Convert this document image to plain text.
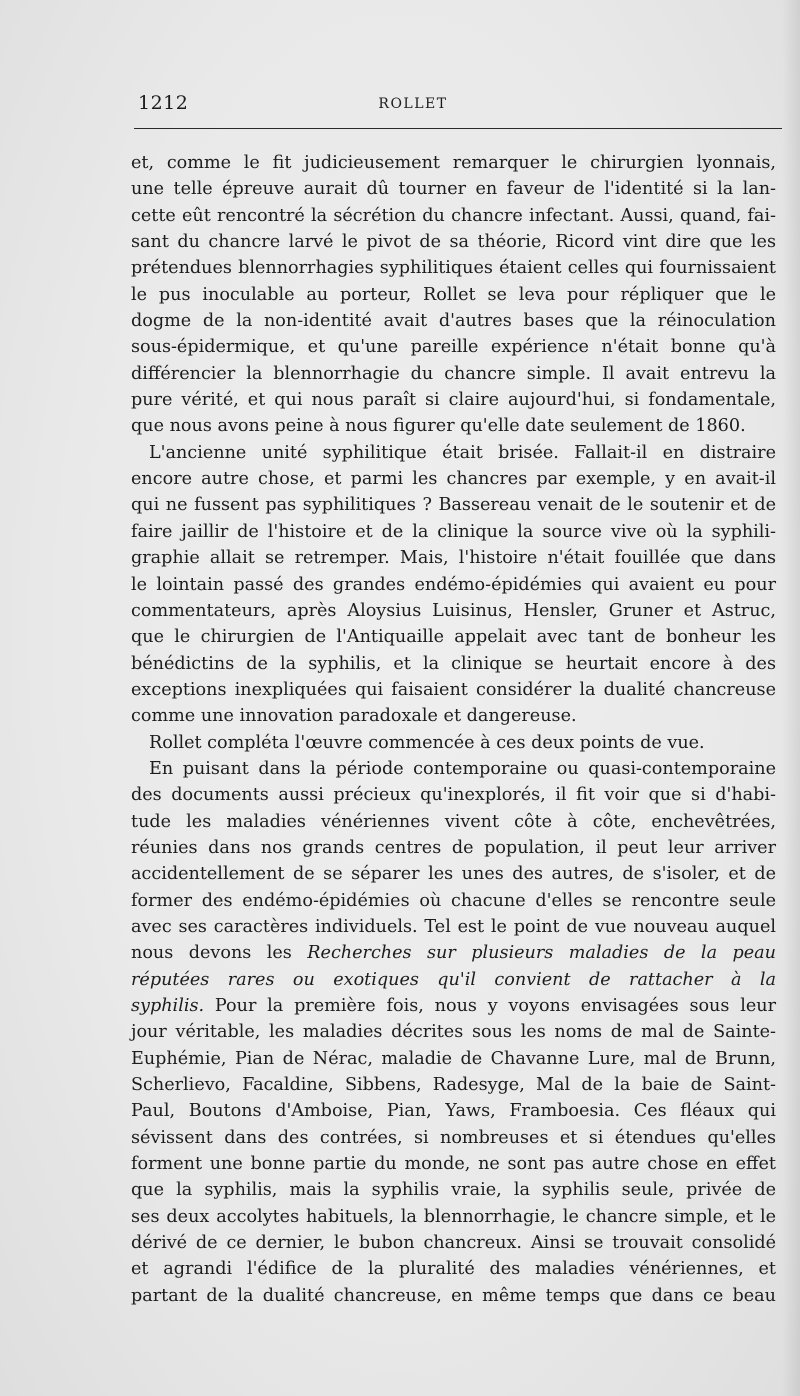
1212	ROLLET
et, comme le fit judicieusement remarquer le chirurgien lyonnais,
une telle épreuve aurait dû tourner en faveur de l'identité si la lan-
cette eût rencontré la sécrétion du chancre infectant. Aussi, quand, fai-
sant du chancre larvé le pivot de sa théorie, Ricord vint dire que les
prétendues blennorrhagies syphilitiques étaient celles qui fournissaient
le pus inoculable au porteur, Rollet se leva pour répliquer que le
dogme de la non-identité avait d'autres bases que la réinoculation
sous-épidermique, et qu'une pareille expérience n'était bonne qu'à
différencier la blennorrhagie du chancre simple. Il avait entrevu la
pure vérité, et qui nous paraît si claire aujourd'hui, si fondamentale,
que nous avons peine à nous figurer qu'elle date seulement de 1860.
L'ancienne unité syphilitique était brisée. Fallait-il en distraire
encore autre chose, et parmi les chancres par exemple, y en avait-il
qui ne fussent pas syphilitiques ? Bassereau venait de le soutenir et de
faire jaillir de l'histoire et de la clinique la source vive où la syphili-
graphie allait se retremper. Mais, l'histoire n'était fouillée que dans
le lointain passé des grandes endémo-épidémies qui avaient eu pour
commentateurs, après Aloysius Luisinus, Hensler, Gruner et Astruc,
que le chirurgien de l'Antiquaille appelait avec tant de bonheur les
bénédictins de la syphilis, et la clinique se heurtait encore à des
exceptions inexpliquées qui faisaient considérer la dualité chancreuse
comme une innovation paradoxale et dangereuse.
Rollet compléta l'œuvre commencée à ces deux points de vue.
En puisant dans la période contemporaine ou quasi-contemporaine
des documents aussi précieux qu'inexplorés, il fit voir que si d'habi-
tude les maladies vénériennes vivent côte à côte, enchevêtrées,
réunies dans nos grands centres de population, il peut leur arriver
accidentellement de se séparer les unes des autres, de s'isoler, et de
former des endémo-épidémies où chacune d'elles se rencontre seule
avec ses caractères individuels. Tel est le point de vue nouveau auquel
nous devons les Recherches sur plusieurs maladies de la peau
réputées rares ou exotiques qu'il convient de rattacher à la
syphilis. Pour la première fois, nous y voyons envisagées sous leur
jour véritable, les maladies décrites sous les noms de mal de Sainte-
Euphémie, Pian de Nérac, maladie de Chavanne Lure, mal de Brunn,
Scherlievo, Facaldine, Sibbens, Radesyge, Mal de la baie de Saint-
Paul, Boutons d'Amboise, Pian, Yaws, Framboesia. Ces fléaux qui
sévissent dans des contrées, si nombreuses et si étendues qu'elles
forment une bonne partie du monde, ne sont pas autre chose en effet
que la syphilis, mais la syphilis vraie, la syphilis seule, privée de
ses deux accolytes habituels, la blennorrhagie, le chancre simple, et le
dérivé de ce dernier, le bubon chancreux. Ainsi se trouvait consolidé
et agrandi l'édifice de la pluralité des maladies vénériennes, et
partant de la dualité chancreuse, en même temps que dans ce beau
